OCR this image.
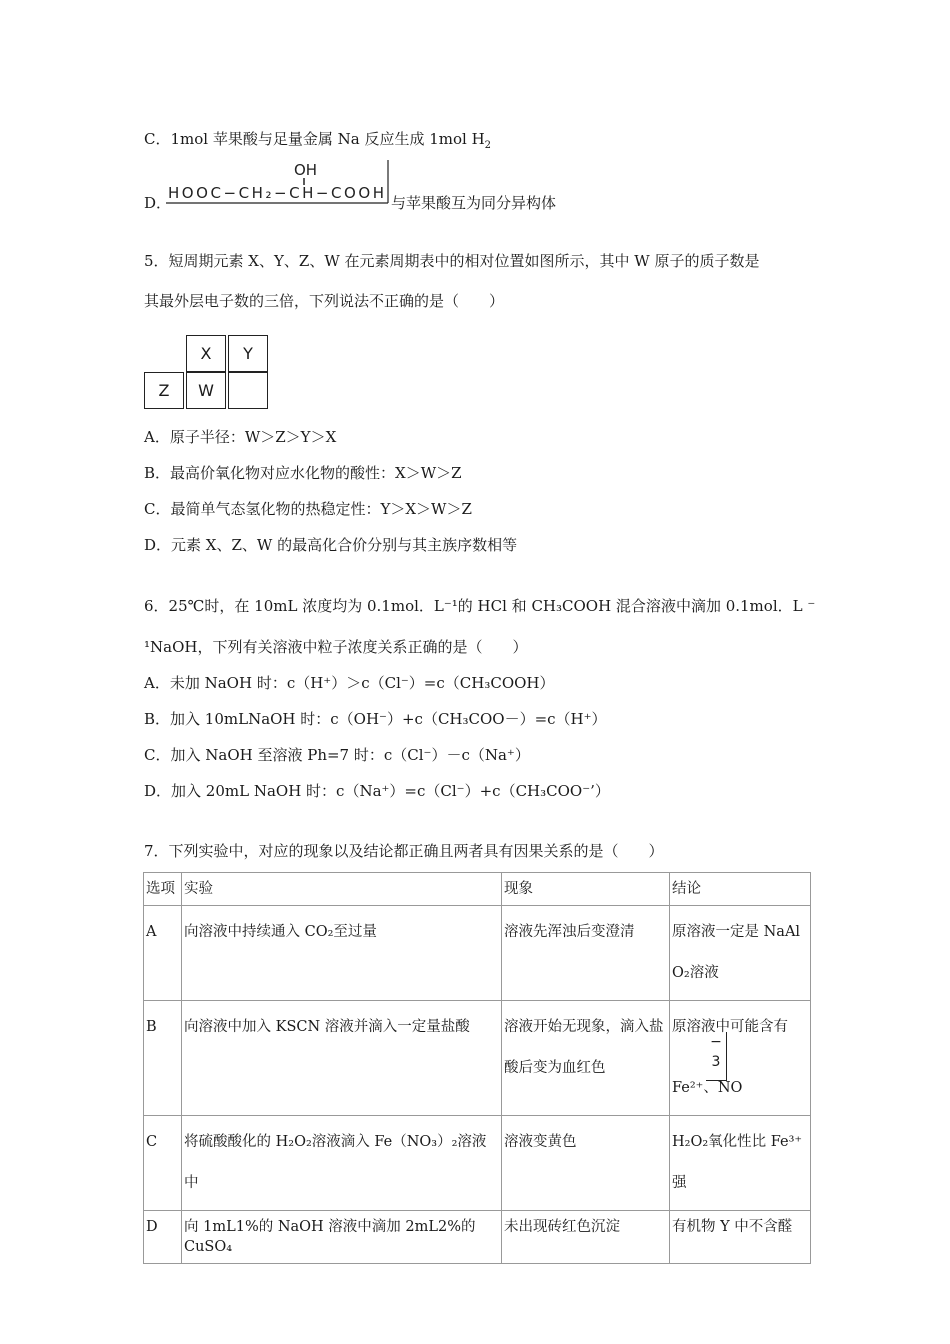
C．1mol 苹果酸与足量金属 Na 反应生成 1mol $H_2$
D．
OH
HOOC−CH₂−CH−COOH
与苹果酸互为同分异构体
5．短周期元素 X、Y、Z、W 在元素周期表中的相对位置如图所示，其中 W 原子的质子数是
其最外层电子数的三倍，下列说法不正确的是（　　）
X	Y
Z	W
A．原子半径：W＞Z＞Y＞X
B．最高价氧化物对应水化物的酸性：X＞W＞Z
C．最简单气态氢化物的热稳定性：Y＞X＞W＞Z
D．元素 X、Z、W 的最高化合价分别与其主族序数相等
6．25℃时，在 10mL 浓度均为 0.1mol．L⁻¹的 HCl 和 CH₃COOH 混合溶液中滴加 0.1mol．L ⁻
¹NaOH，下列有关溶液中粒子浓度关系正确的是（　　）
A．未加 NaOH 时：c（H⁺）＞c（Cl⁻）=c（CH₃COOH）
B．加入 10mLNaOH 时：c（OH⁻）+c（CH₃COO－）=c（H⁺）
C．加入 NaOH 至溶液 Ph=7 时：c（Cl⁻）－c（Na⁺）
D．加入 20mL NaOH 时：c（Na⁺）=c（Cl⁻）+c（CH₃COO⁻’）
7．下列实验中，对应的现象以及结论都正确且两者具有因果关系的是（　　）
选项	实验	现象	结论
A	向溶液中持续通入 CO₂至过量	溶液先浑浊后变澄清	原溶液一定是 NaAlO₂溶液
B	向溶液中加入 KSCN 溶液并滴入一定量盐酸	溶液开始无现象，滴入盐酸后变为血红色	原溶液中可能含有
Fe²⁺、NO
−
3

C	将硫酸酸化的 H₂O₂溶液滴入 Fe（NO₃）₂溶液中	溶液变黄色	H₂O₂氧化性比 Fe³⁺强
D	向 1mL1%的 NaOH 溶液中滴加 2mL2%的 CuSO₄	未出现砖红色沉淀	有机物 Y 中不含醛
